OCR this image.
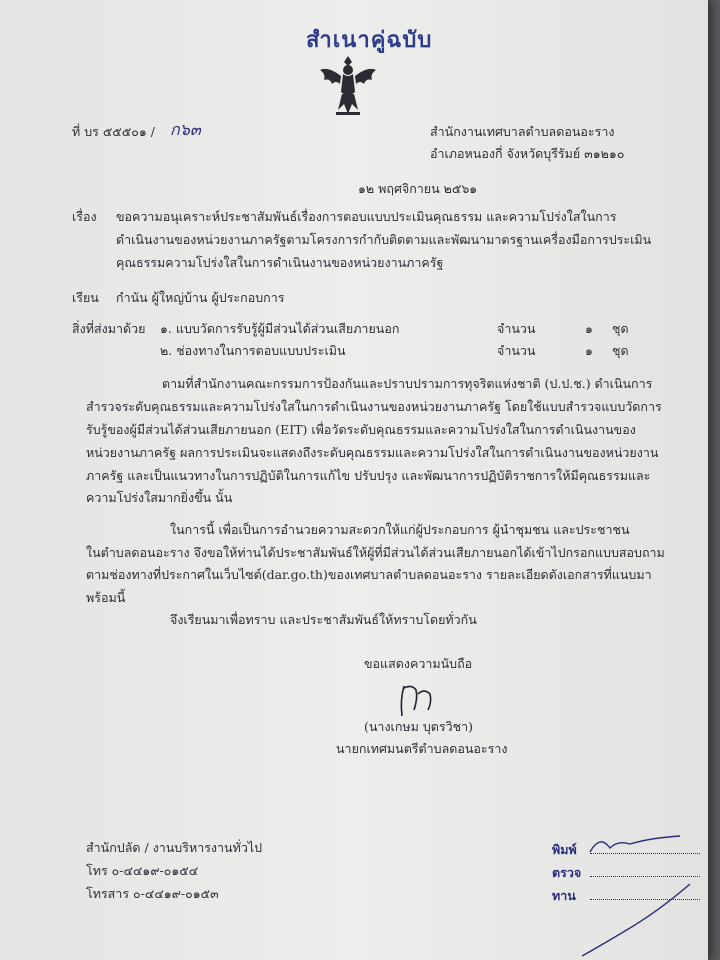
สำเนาคู่ฉบับ
ที่ บร ๕๕๕๐๑ / ก๖๓	สำนักงานเทศบาลตำบลดอนอะราง
อำเภอหนองกี่ จังหวัดบุรีรัมย์ ๓๑๒๑๐
๑๒ พฤศจิกายน ๒๕๖๑
เรื่อง ขอความอนุเคราะห์ประชาสัมพันธ์เรื่องการตอบแบบประเมินคุณธรรม และความโปร่งใสในการ
ดำเนินงานของหน่วยงานภาครัฐตามโครงการกำกับติดตามและพัฒนามาตรฐานเครื่องมือการประเมิน
คุณธรรมความโปร่งใสในการดำเนินงานของหน่วยงานภาครัฐ
เรียน กำนัน ผู้ใหญ่บ้าน ผู้ประกอบการ
สิ่งที่ส่งมาด้วย ๑. แบบวัดการรับรู้ผู้มีส่วนได้ส่วนเสียภายนอก	จำนวน	๑ ชุด
๒. ช่องทางในการตอบแบบประเมิน	จำนวน	๑ ชุด
ตามที่สำนักงานคณะกรรมการป้องกันและปราบปรามการทุจริตแห่งชาติ (ป.ป.ช.) ดำเนินการ
สำรวจระดับคุณธรรมและความโปร่งใสในการดำเนินงานของหน่วยงานภาครัฐ โดยใช้แบบสำรวจแบบวัดการ
รับรู้ของผู้มีส่วนได้ส่วนเสียภายนอก (EIT) เพื่อวัดระดับคุณธรรมและความโปร่งใสในการดำเนินงานของ
หน่วยงานภาครัฐ ผลการประเมินจะแสดงถึงระดับคุณธรรมและความโปร่งใสในการดำเนินงานของหน่วยงาน
ภาครัฐ และเป็นแนวทางในการปฏิบัติในการแก้ไข ปรับปรุง และพัฒนาการปฏิบัติราชการให้มีคุณธรรมและ
ความโปร่งใสมากยิ่งขึ้น นั้น
ในการนี้ เพื่อเป็นการอำนวยความสะดวกให้แก่ผู้ประกอบการ ผู้นำชุมชน และประชาชน
ในตำบลดอนอะราง จึงขอให้ท่านได้ประชาสัมพันธ์ให้ผู้ที่มีส่วนได้ส่วนเสียภายนอกได้เข้าไปกรอกแบบสอบถาม
ตามช่องทางที่ประกาศในเว็บไซต์(dar.go.th)ของเทศบาลตำบลดอนอะราง รายละเอียดดังเอกสารที่แนบมา
พร้อมนี้
จึงเรียนมาเพื่อทราบ และประชาสัมพันธ์ให้ทราบโดยทั่วกัน
ขอแสดงความนับถือ
(นางเกษม บุตรวิชา)
นายกเทศมนตรีตำบลดอนอะราง
สำนักปลัด / งานบริหารงานทั่วไป
โทร ๐-๔๔๑๙-๐๑๕๔
โทรสาร ๐-๔๔๑๙-๐๑๕๓
พิมพ์
ตรวจ
ทาน
